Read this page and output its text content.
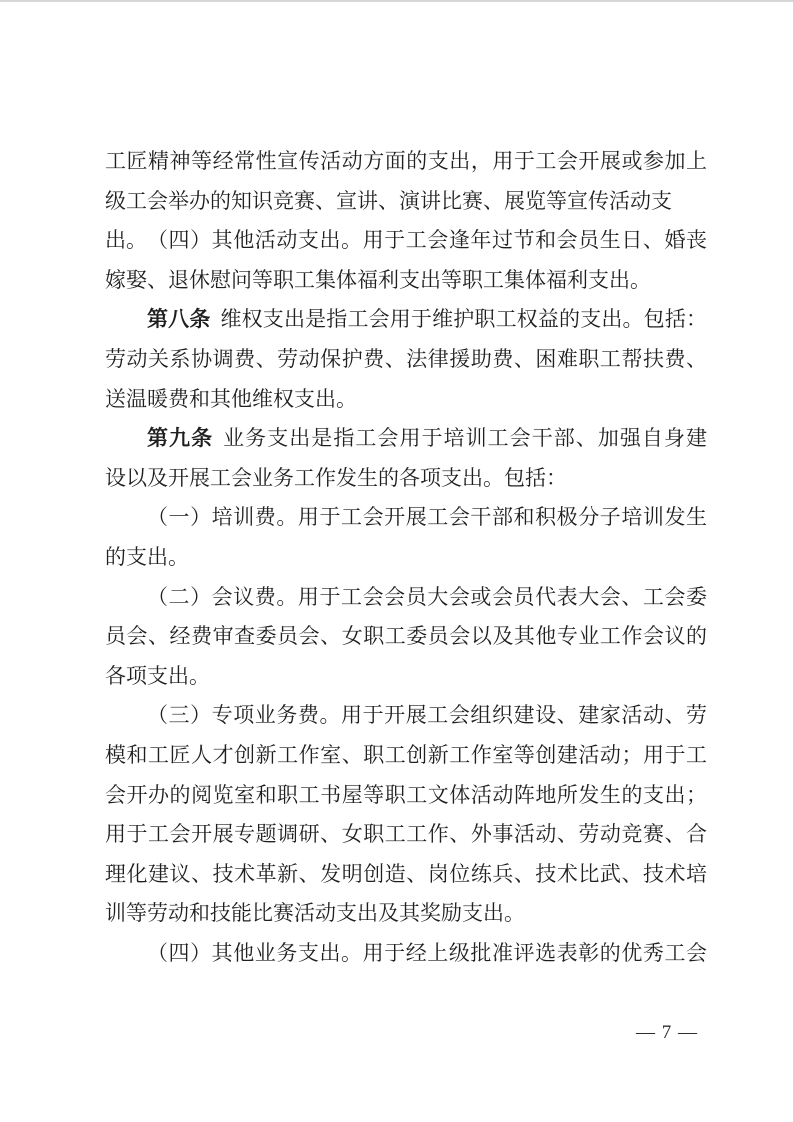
工匠精神等经常性宣传活动方面的支出，用于工会开展或参加上
级工会举办的知识竞赛、宣讲、演讲比赛、展览等宣传活动支出。 （四）其他活动支出。用于工会逢年过节和会员生日、婚丧
嫁娶、退休慰问等职工集体福利支出等职工集体福利支出。
第八条 维权支出是指工会用于维护职工权益的支出。包括：
劳动关系协调费、劳动保护费、法律援助费、困难职工帮扶费、
送温暖费和其他维权支出。
第九条 业务支出是指工会用于培训工会干部、加强自身建
设以及开展工会业务工作发生的各项支出。包括：
（一）培训费。用于工会开展工会干部和积极分子培训发生
的支出。
（二）会议费。用于工会会员大会或会员代表大会、工会委
员会、经费审查委员会、女职工委员会以及其他专业工作会议的
各项支出。
（三）专项业务费。用于开展工会组织建设、建家活动、劳
模和工匠人才创新工作室、职工创新工作室等创建活动；用于工
会开办的阅览室和职工书屋等职工文体活动阵地所发生的支出；
用于工会开展专题调研、女职工工作、外事活动、劳动竞赛、合
理化建议、技术革新、发明创造、岗位练兵、技术比武、技术培
训等劳动和技能比赛活动支出及其奖励支出。
（四）其他业务支出。用于经上级批准评选表彰的优秀工会
— 7 —
